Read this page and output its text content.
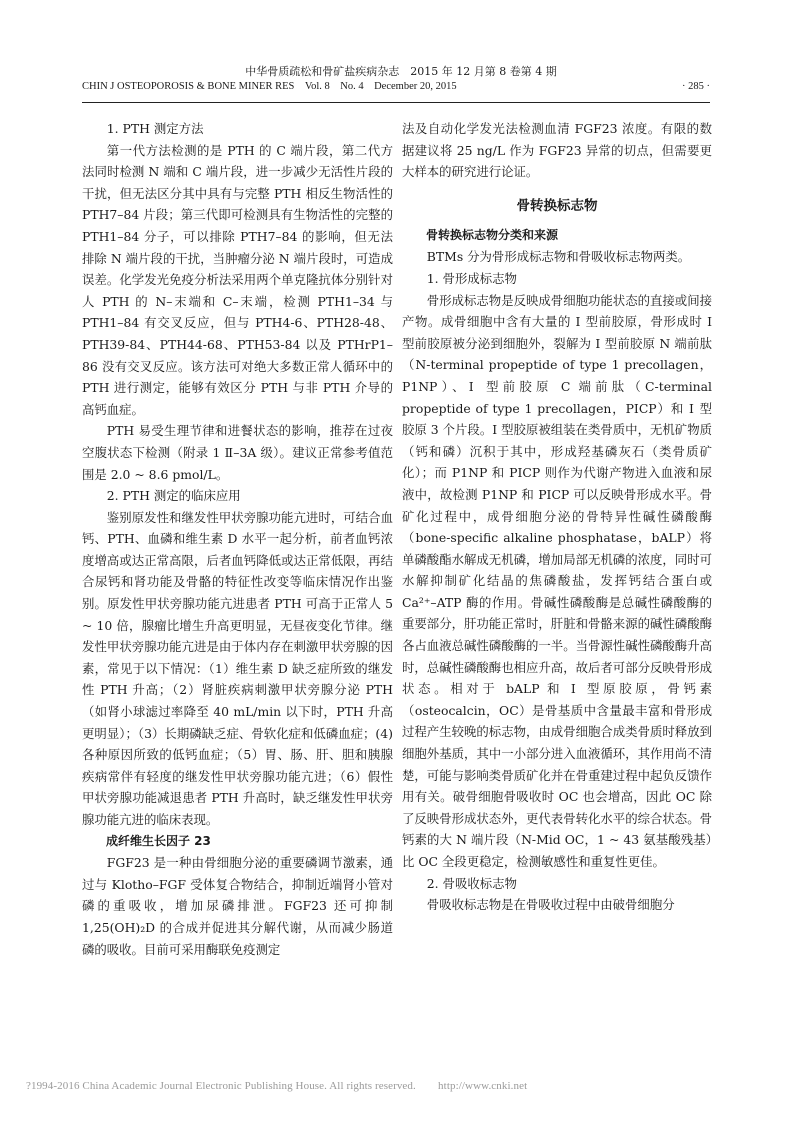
中华骨质疏松和骨矿盐疾病杂志　2015 年 12 月第 8 卷第 4 期
CHIN J OSTEOPOROSIS & BONE MINER RES　Vol. 8　No. 4　December 20, 2015	· 285 ·

1. PTH 测定方法

第一代方法检测的是 PTH 的 C 端片段，第二代方法同时检测 N 端和 C 端片段，进一步减少无活性片段的干扰，但无法区分其中具有与完整 PTH 相反生物活性的 PTH7–84 片段；第三代即可检测具有生物活性的完整的 PTH1–84 分子，可以排除 PTH7–84 的影响，但无法排除 N 端片段的干扰，当肿瘤分泌 N 端片段时，可造成误差。化学发光免疫分析法采用两个单克隆抗体分别针对人 PTH 的 N–末端和 C–末端，检测 PTH1–34 与 PTH1–84 有交叉反应，但与 PTH4-6、PTH28-48、PTH39-84、PTH44-68、PTH53-84 以及 PTHrP1–86 没有交叉反应。该方法可对绝大多数正常人循环中的 PTH 进行测定，能够有效区分 PTH 与非 PTH 介导的高钙血症。

PTH 易受生理节律和进餐状态的影响，推荐在过夜空腹状态下检测（附录 1 Ⅱ–3A 级）。建议正常参考值范围是 2.0 ~ 8.6 pmol/L。

2. PTH 测定的临床应用

鉴别原发性和继发性甲状旁腺功能亢进时，可结合血钙、PTH、血磷和维生素 D 水平一起分析，前者血钙浓度增高或达正常高限，后者血钙降低或达正常低限，再结合尿钙和肾功能及骨骼的特征性改变等临床情况作出鉴别。原发性甲状旁腺功能亢进患者 PTH 可高于正常人 5 ~ 10 倍，腺瘤比增生升高更明显，无昼夜变化节律。继发性甲状旁腺功能亢进是由于体内存在刺激甲状旁腺的因素，常见于以下情况：（1）维生素 D 缺乏症所致的继发性 PTH 升高；（2）肾脏疾病刺激甲状旁腺分泌 PTH（如肾小球滤过率降至 40 mL/min 以下时，PTH 升高更明显）；（3）长期磷缺乏症、骨软化症和低磷血症；(4) 各种原因所致的低钙血症；（5）胃、肠、肝、胆和胰腺疾病常伴有轻度的继发性甲状旁腺功能亢进；（6）假性甲状旁腺功能减退患者 PTH 升高时，缺乏继发性甲状旁腺功能亢进的临床表现。

成纤维生长因子 23

FGF23 是一种由骨细胞分泌的重要磷调节激素，通过与 Klotho–FGF 受体复合物结合，抑制近端肾小管对磷的重吸收，增加尿磷排泄。FGF23 还可抑制 1,25(OH)₂D 的合成并促进其分解代谢，从而减少肠道磷的吸收。目前可采用酶联免疫测定

法及自动化学发光法检测血清 FGF23 浓度。有限的数据建议将 25 ng/L 作为 FGF23 异常的切点，但需要更大样本的研究进行论证。

骨转换标志物

骨转换标志物分类和来源

BTMs 分为骨形成标志物和骨吸收标志物两类。

1. 骨形成标志物

骨形成标志物是反映成骨细胞功能状态的直接或间接产物。成骨细胞中含有大量的 Ⅰ 型前胶原，骨形成时 Ⅰ 型前胶原被分泌到细胞外，裂解为 Ⅰ 型前胶原 N 端前肽（N-terminal propeptide of type 1 precollagen，P1NP）、Ⅰ 型前胶原 C 端前肽（C-terminal propeptide of type 1 precollagen，PICP）和 Ⅰ 型胶原 3 个片段。Ⅰ 型胶原被组装在类骨质中，无机矿物质（钙和磷）沉积于其中，形成羟基磷灰石（类骨质矿化）；而 P1NP 和 PICP 则作为代谢产物进入血液和尿液中，故检测 P1NP 和 PICP 可以反映骨形成水平。骨矿化过程中，成骨细胞分泌的骨特异性碱性磷酸酶（bone-specific alkaline phosphatase，bALP）将单磷酸酯水解成无机磷，增加局部无机磷的浓度，同时可水解抑制矿化结晶的焦磷酸盐，发挥钙结合蛋白或 Ca²⁺–ATP 酶的作用。骨碱性磷酸酶是总碱性磷酸酶的重要部分，肝功能正常时，肝脏和骨骼来源的碱性磷酸酶各占血液总碱性磷酸酶的一半。当骨源性碱性磷酸酶升高时，总碱性磷酸酶也相应升高，故后者可部分反映骨形成状态。相对于 bALP 和 Ⅰ 型原胶原，骨钙素（osteocalcin，OC）是骨基质中含量最丰富和骨形成过程产生较晚的标志物，由成骨细胞合成类骨质时释放到细胞外基质，其中一小部分进入血液循环，其作用尚不清楚，可能与影响类骨质矿化并在骨重建过程中起负反馈作用有关。破骨细胞骨吸收时 OC 也会增高，因此 OC 除了反映骨形成状态外，更代表骨转化水平的综合状态。骨钙素的大 N 端片段（N-Mid OC，1 ~ 43 氨基酸残基）比 OC 全段更稳定，检测敏感性和重复性更佳。

2. 骨吸收标志物

骨吸收标志物是在骨吸收过程中由破骨细胞分

?1994-2016 China Academic Journal Electronic Publishing House. All rights reserved.　　http://www.cnki.net
